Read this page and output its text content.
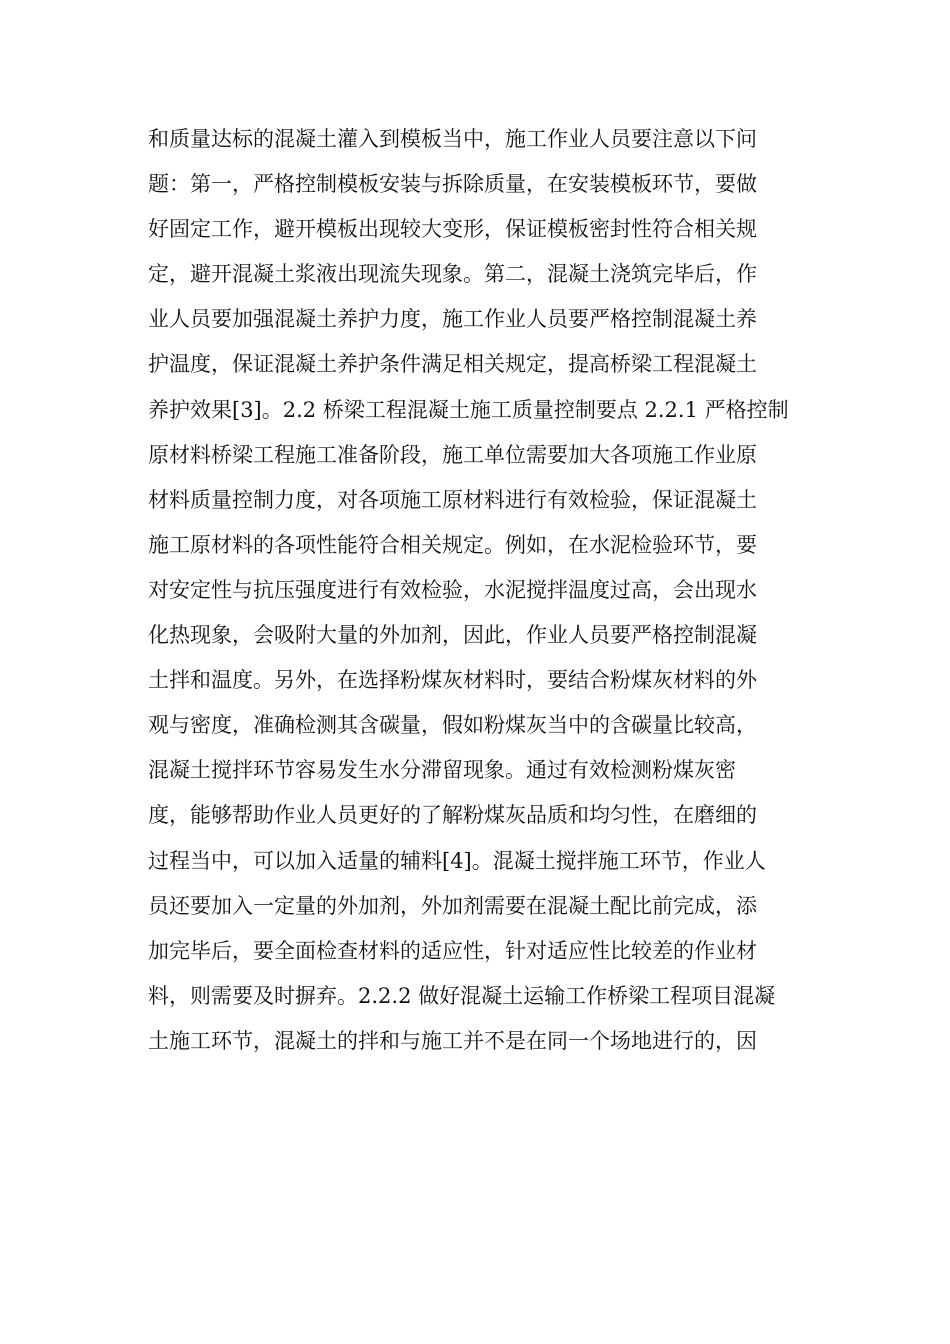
和质量达标的混凝土灌入到模板当中，施工作业人员要注意以下问
题：第一，严格控制模板安装与拆除质量，在安装模板环节，要做
好固定工作，避开模板出现较大变形，保证模板密封性符合相关规
定，避开混凝土浆液出现流失现象。第二，混凝土浇筑完毕后，作
业人员要加强混凝土养护力度，施工作业人员要严格控制混凝土养
护温度，保证混凝土养护条件满足相关规定，提高桥梁工程混凝土
养护效果[3]。2.2 桥梁工程混凝土施工质量控制要点 2.2.1 严格控制
原材料桥梁工程施工准备阶段，施工单位需要加大各项施工作业原
材料质量控制力度，对各项施工原材料进行有效检验，保证混凝土
施工原材料的各项性能符合相关规定。例如，在水泥检验环节，要
对安定性与抗压强度进行有效检验，水泥搅拌温度过高，会出现水
化热现象，会吸附大量的外加剂，因此，作业人员要严格控制混凝
土拌和温度。另外，在选择粉煤灰材料时，要结合粉煤灰材料的外
观与密度，准确检测其含碳量，假如粉煤灰当中的含碳量比较高，
混凝土搅拌环节容易发生水分滞留现象。通过有效检测粉煤灰密
度，能够帮助作业人员更好的了解粉煤灰品质和均匀性，在磨细的
过程当中，可以加入适量的辅料[4]。混凝土搅拌施工环节，作业人
员还要加入一定量的外加剂，外加剂需要在混凝土配比前完成，添
加完毕后，要全面检查材料的适应性，针对适应性比较差的作业材
料，则需要及时摒弃。2.2.2 做好混凝土运输工作桥梁工程项目混凝
土施工环节，混凝土的拌和与施工并不是在同一个场地进行的，因
